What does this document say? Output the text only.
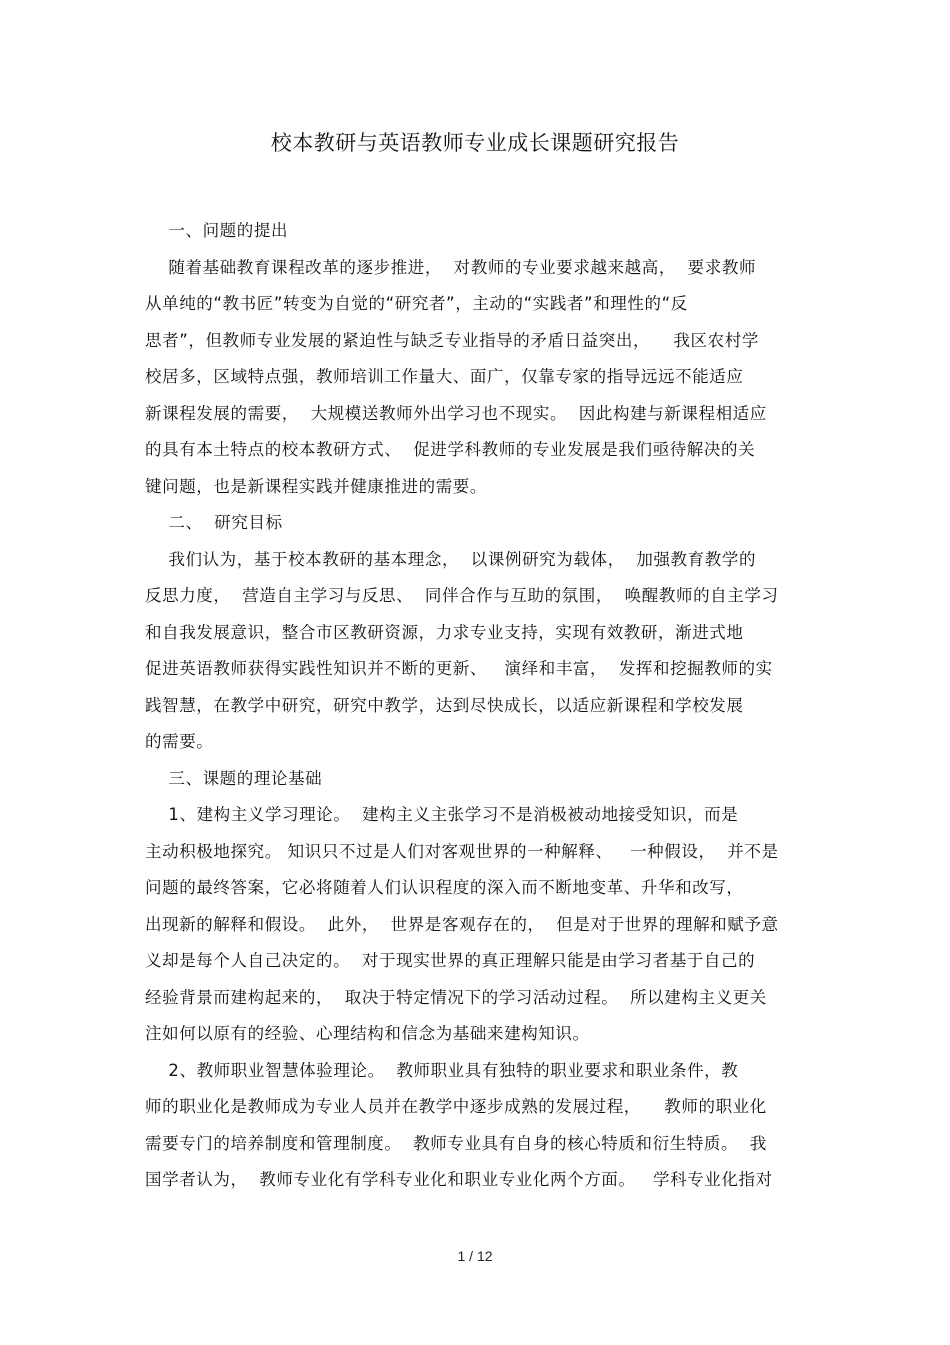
校本教研与英语教师专业成长课题研究报告
一、问题的提出
随着基础教育课程改革的逐步推进，  对教师的专业要求越来越高，  要求教师
从单纯的“教书匠”转变为自觉的“研究者”，主动的“实践者”和理性的“反
思者”，但教师专业发展的紧迫性与缺乏专业指导的矛盾日益突出，    我区农村学
校居多，区域特点强，教师培训工作量大、面广，仅靠专家的指导远远不能适应
新课程发展的需要，  大规模送教师外出学习也不现实。  因此构建与新课程相适应
的具有本土特点的校本教研方式、  促进学科教师的专业发展是我们亟待解决的关
键问题，也是新课程实践并健康推进的需要。
二、  研究目标
我们认为，基于校本教研的基本理念，  以课例研究为载体，  加强教育教学的
反思力度，  营造自主学习与反思、  同伴合作与互助的氛围，  唤醒教师的自主学习
和自我发展意识，整合市区教研资源，力求专业支持，实现有效教研，渐进式地
促进英语教师获得实践性知识并不断的更新、   演绎和丰富，  发挥和挖掘教师的实
践智慧，在教学中研究，研究中教学，达到尽快成长，以适应新课程和学校发展
的需要。
三、课题的理论基础
1、建构主义学习理论。  建构主义主张学习不是消极被动地接受知识，而是
主动积极地探究。 知识只不过是人们对客观世界的一种解释、   一种假设，  并不是
问题的最终答案，它必将随着人们认识程度的深入而不断地变革、升华和改写，
出现新的解释和假设。  此外，  世界是客观存在的，  但是对于世界的理解和赋予意
义却是每个人自己决定的。  对于现实世界的真正理解只能是由学习者基于自己的
经验背景而建构起来的，  取决于特定情况下的学习活动过程。  所以建构主义更关
注如何以原有的经验、心理结构和信念为基础来建构知识。
2、教师职业智慧体验理论。  教师职业具有独特的职业要求和职业条件，教
师的职业化是教师成为专业人员并在教学中逐步成熟的发展过程，    教师的职业化
需要专门的培养制度和管理制度。  教师专业具有自身的核心特质和衍生特质。  我
国学者认为，  教师专业化有学科专业化和职业专业化两个方面。   学科专业化指对
1 / 12
